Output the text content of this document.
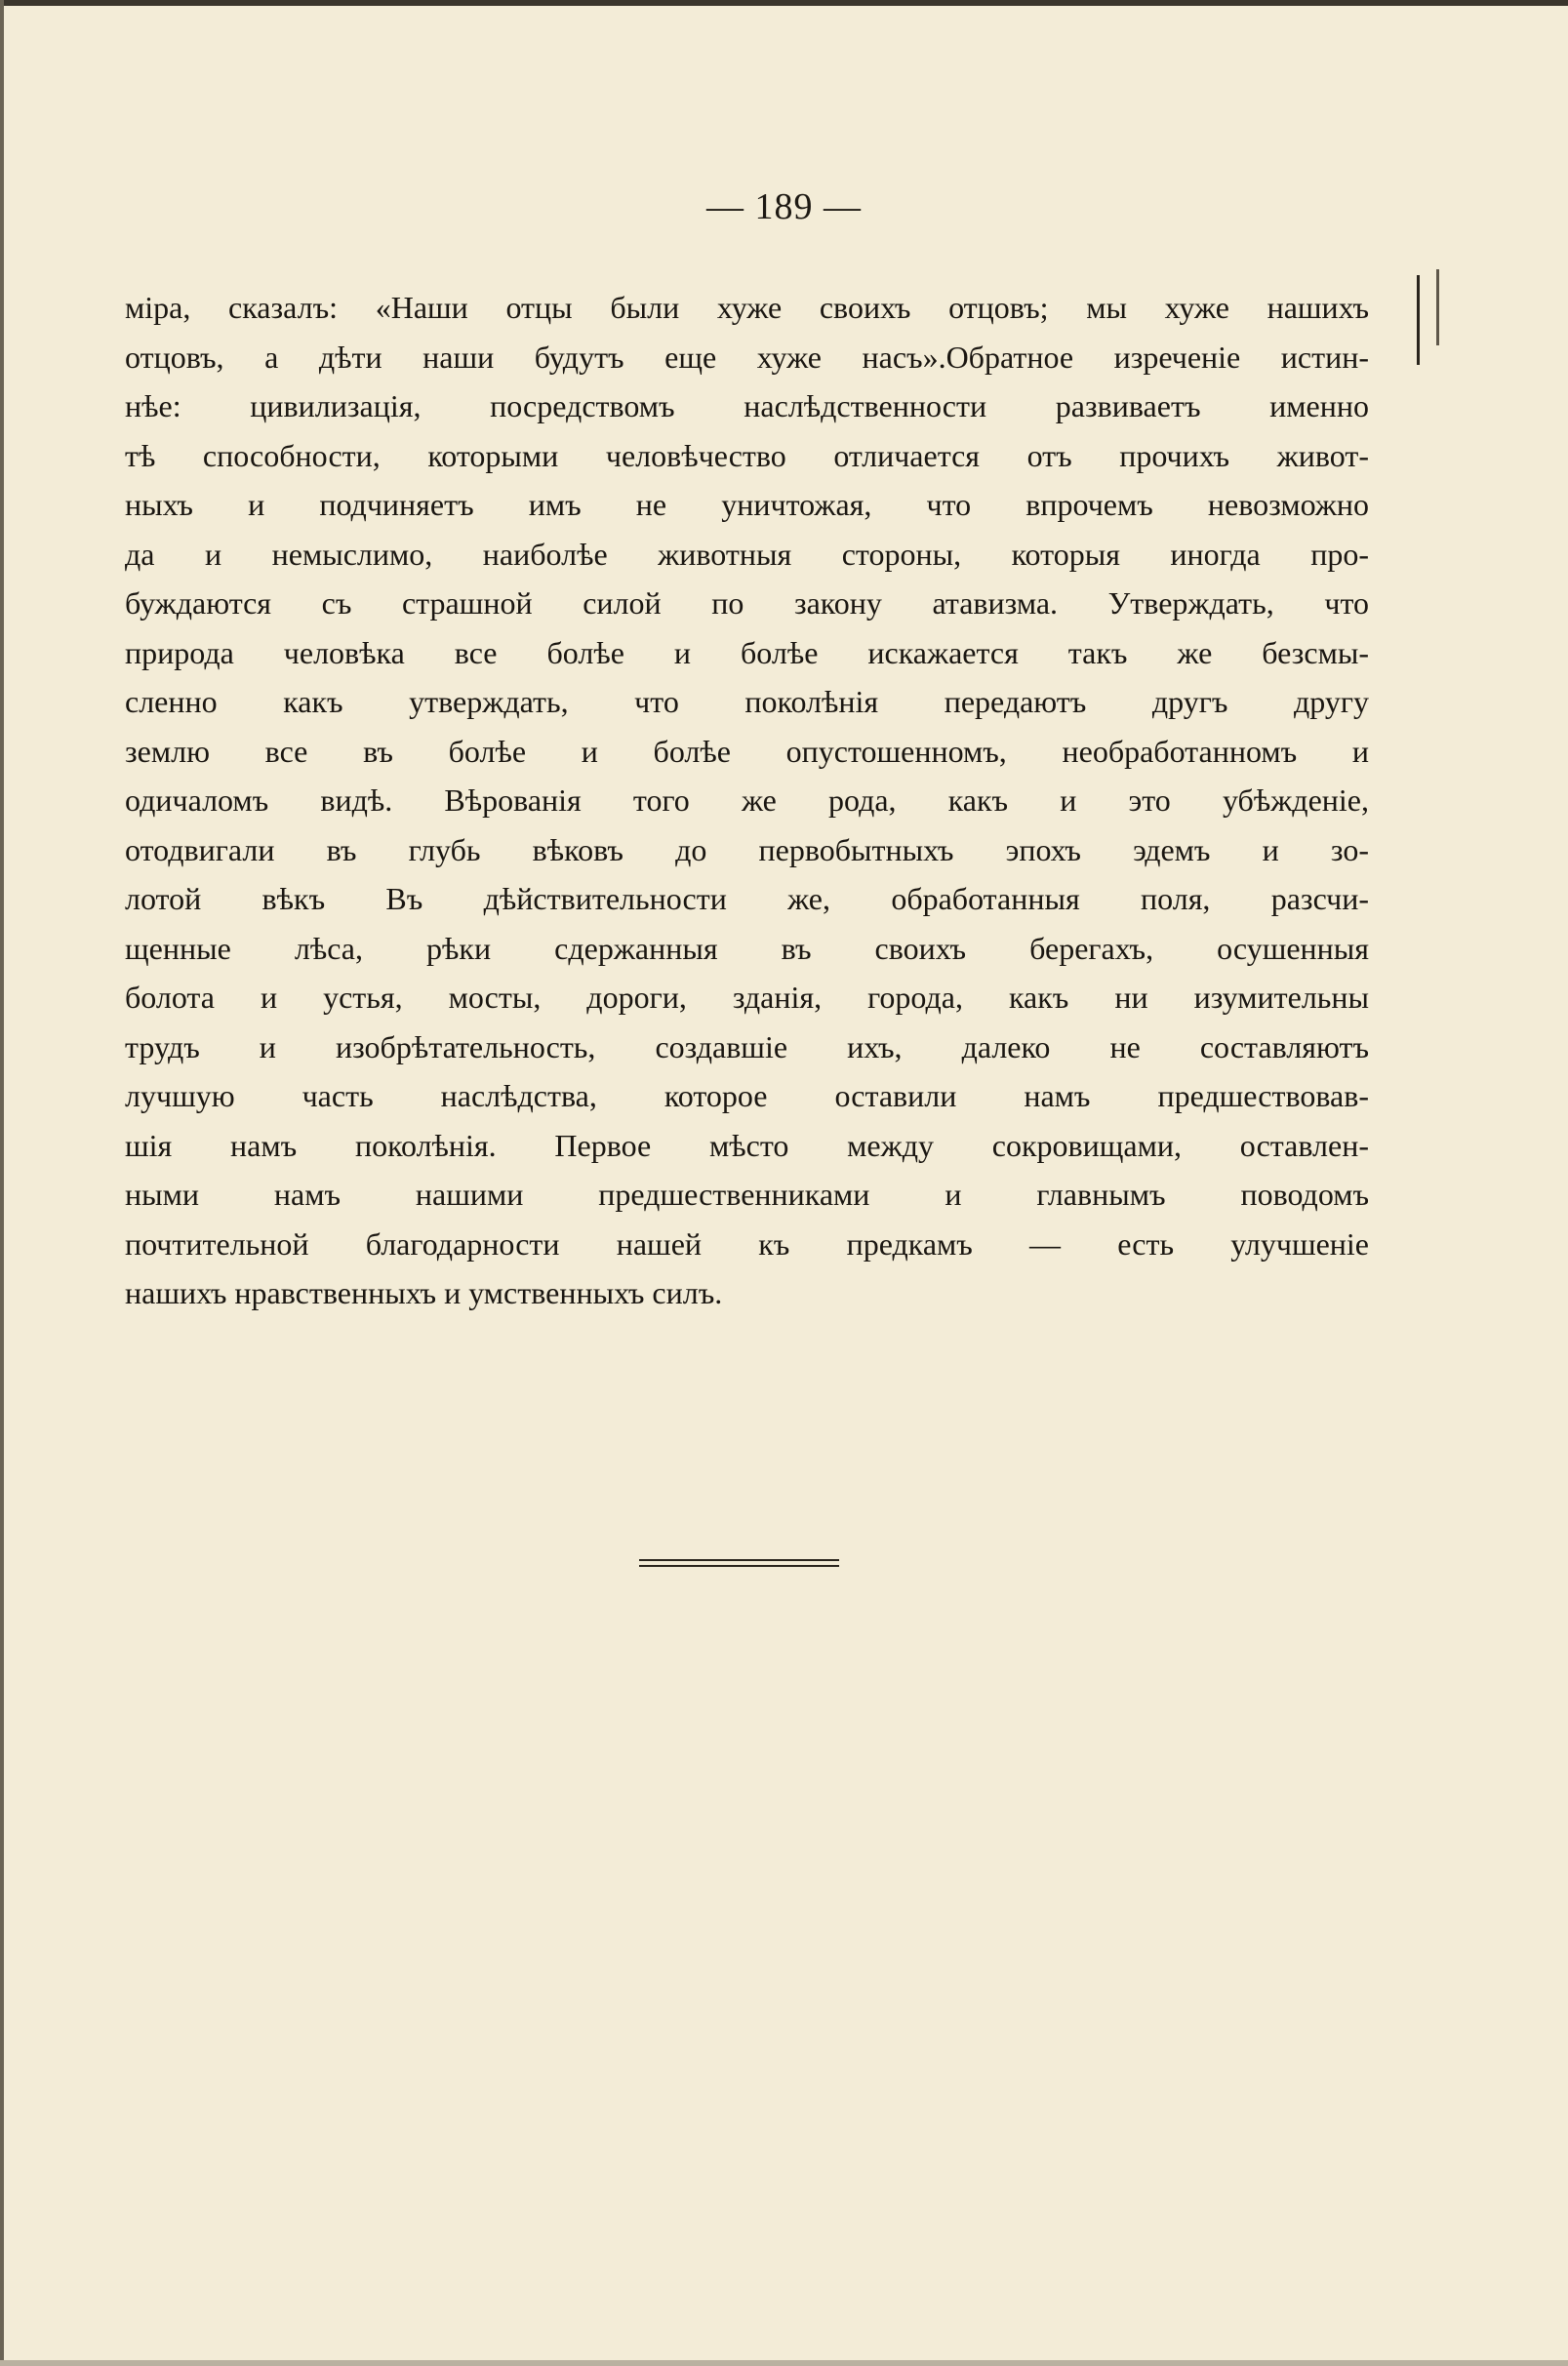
— 189 —
міра, сказалъ: «Наши отцы были хуже своихъ отцовъ; мы хуже нашихъ
отцовъ, а дѣти наши будутъ еще хуже насъ».Обратное изреченіе истин-
нѣе: цивилизація, посредствомъ наслѣдственности развиваетъ именно
тѣ способности, которыми человѣчество отличается отъ прочихъ живот-
ныхъ и подчиняетъ имъ не уничтожая, что впрочемъ невозможно
да и немыслимо, наиболѣе животныя стороны, которыя иногда про-
буждаются съ страшной силой по закону атавизма. Утверждать, что
природа человѣка все болѣе и болѣе искажается такъ же безсмы-
сленно какъ утверждать, что поколѣнія передаютъ другъ другу
землю все въ болѣе и болѣе опустошенномъ, необработанномъ и
одичаломъ видѣ. Вѣрованія того же рода, какъ и это убѣжденіе,
отодвигали въ глубь вѣковъ до первобытныхъ эпохъ эдемъ и зо-
лотой вѣкъ Въ дѣйствительности же, обработанныя поля, разсчи-
щенные лѣса, рѣки сдержанныя въ своихъ берегахъ, осушенныя
болота и устья, мосты, дороги, зданія, города, какъ ни изумительны
трудъ и изобрѣтательность, создавшіе ихъ, далеко не составляютъ
лучшую часть наслѣдства, которое оставили намъ предшествовав-
шія намъ поколѣнія. Первое мѣсто между сокровищами, оставлен-
ными намъ нашими предшественниками и главнымъ поводомъ
почтительной благодарности нашей къ предкамъ — есть улучшеніе
нашихъ нравственныхъ и умственныхъ силъ.
